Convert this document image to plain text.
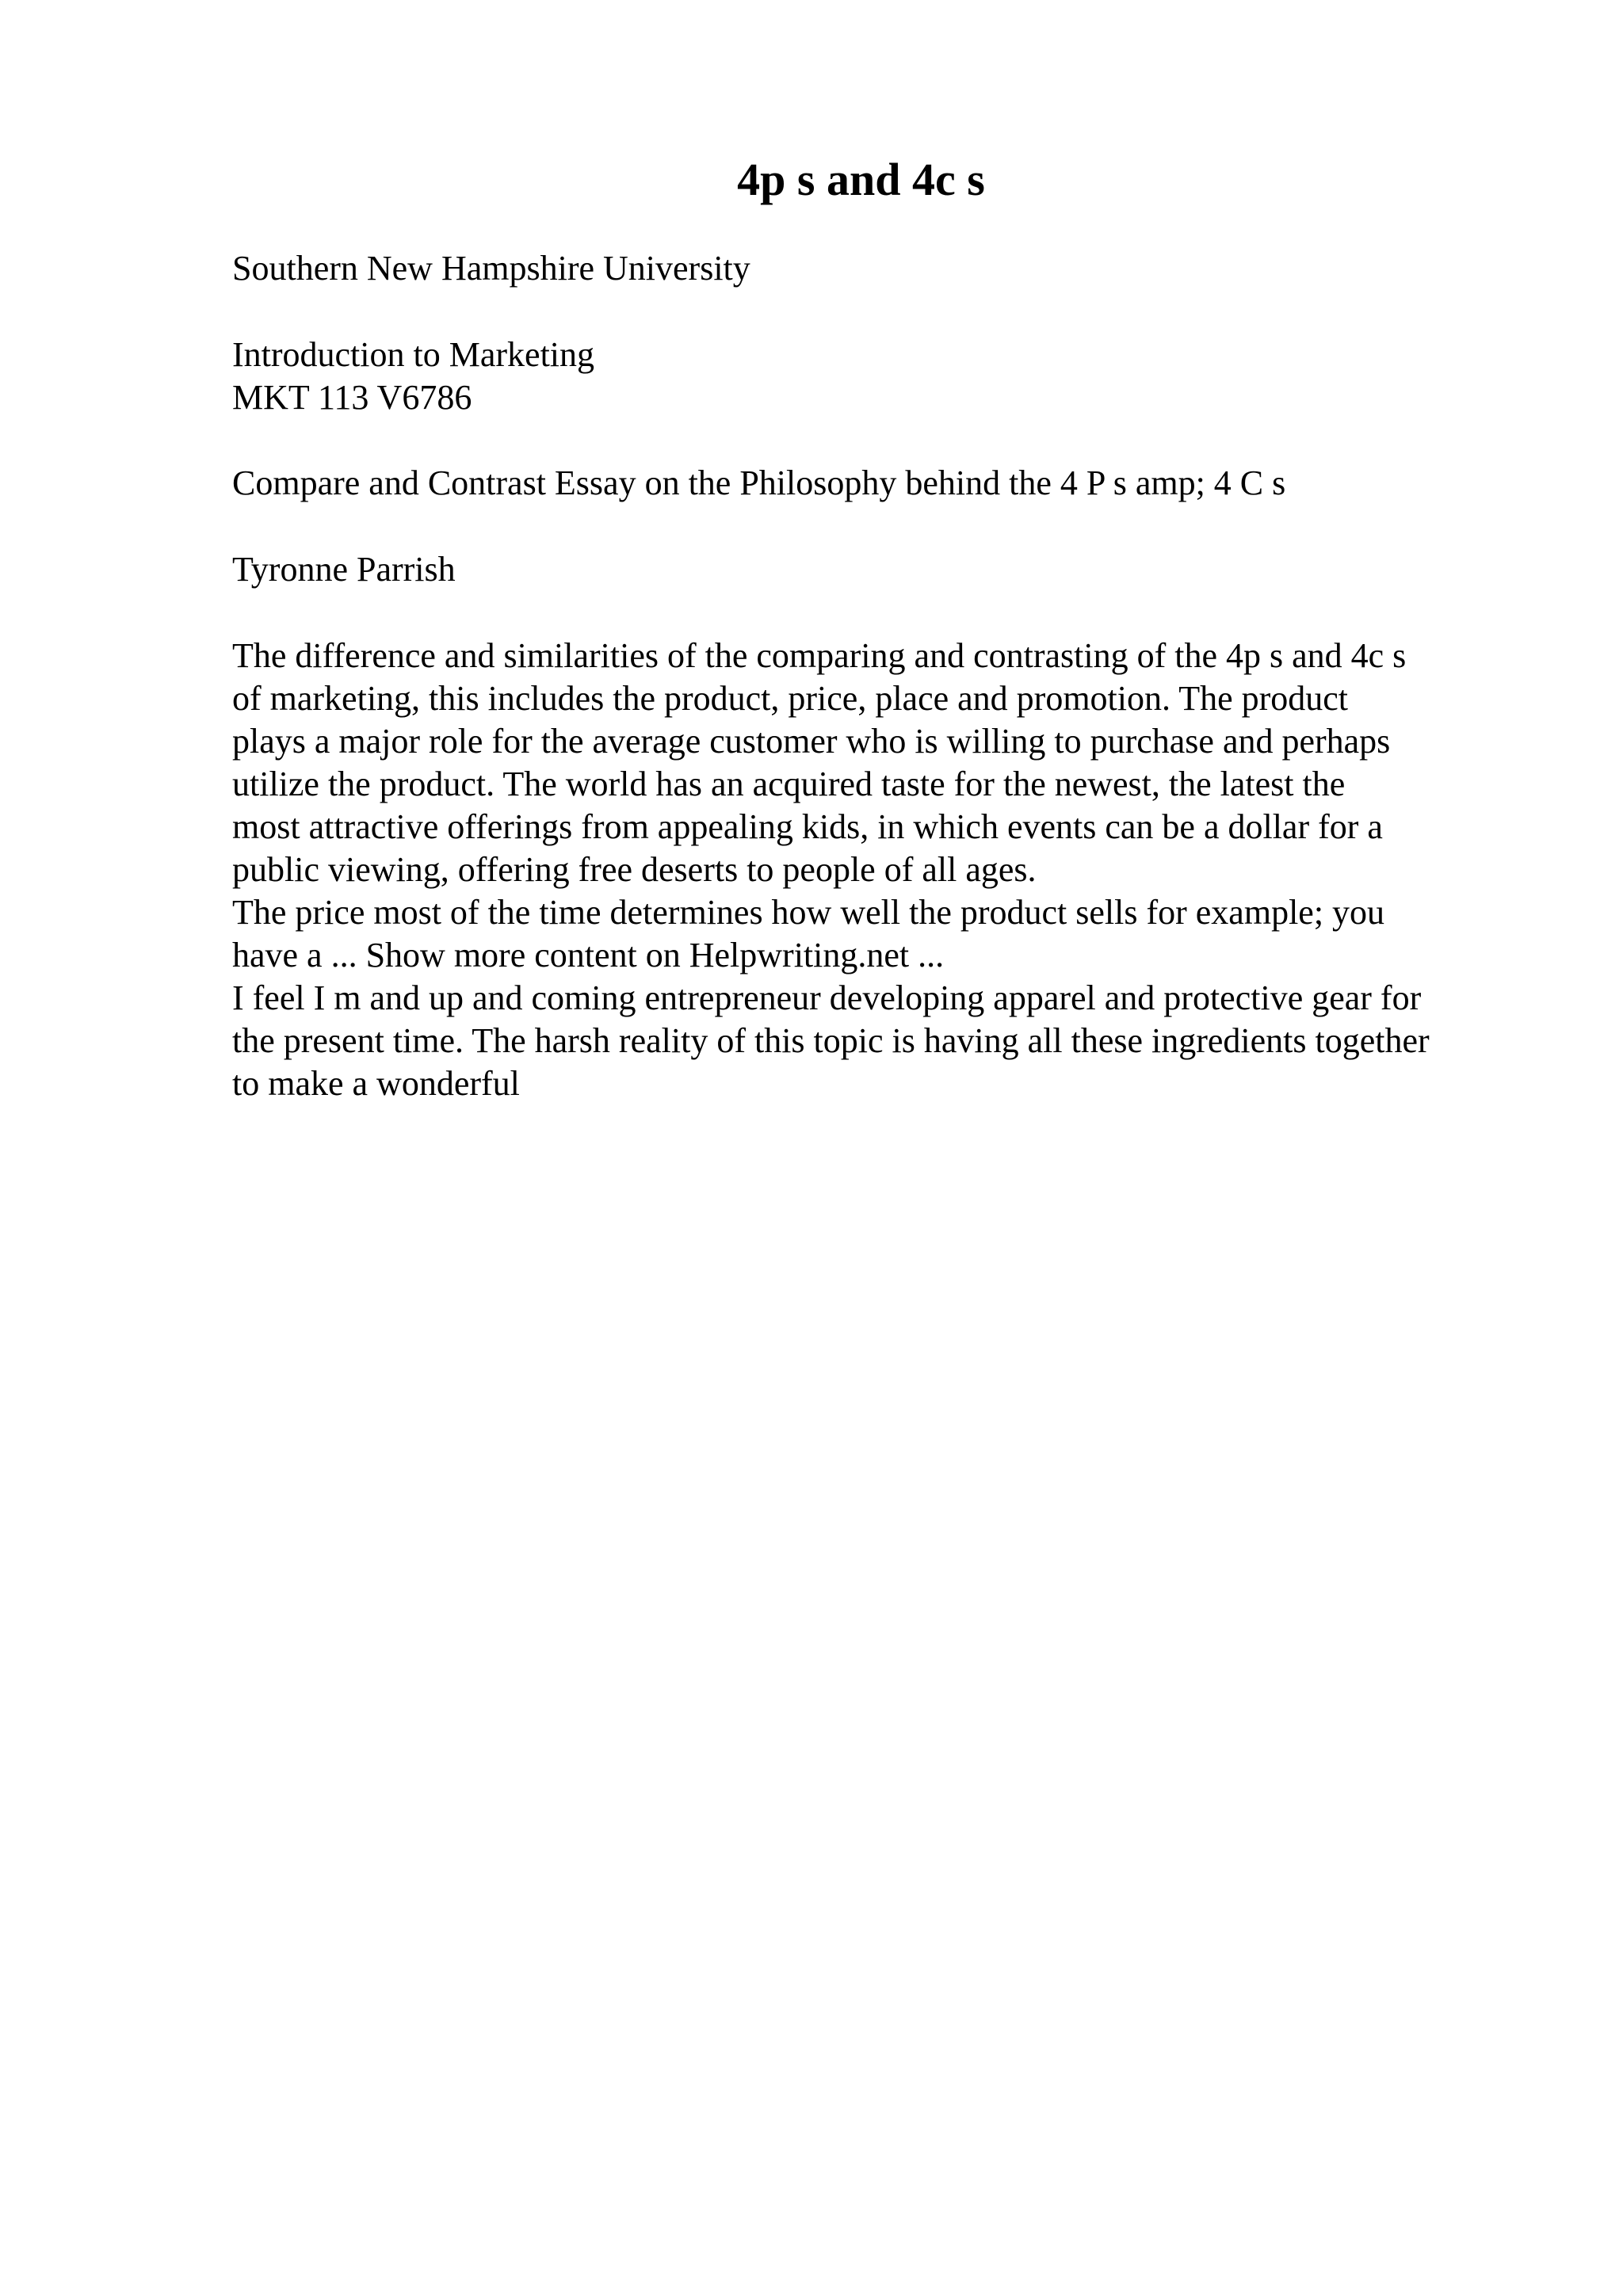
4p s and 4c s

Southern New Hampshire University

Introduction to Marketing
MKT 113 V6786

Compare and Contrast Essay on the Philosophy behind the 4 P s amp; 4 C s

Tyronne Parrish

The difference and similarities of the comparing and contrasting of the 4p s and 4c s
of marketing, this includes the product, price, place and promotion. The product
plays a major role for the average customer who is willing to purchase and perhaps
utilize the product. The world has an acquired taste for the newest, the latest the
most attractive offerings from appealing kids, in which events can be a dollar for a
public viewing, offering free deserts to people of all ages.
The price most of the time determines how well the product sells for example; you
have a ... Show more content on Helpwriting.net ...
I feel I m and up and coming entrepreneur developing apparel and protective gear for
the present time. The harsh reality of this topic is having all these ingredients together
to make a wonderful
